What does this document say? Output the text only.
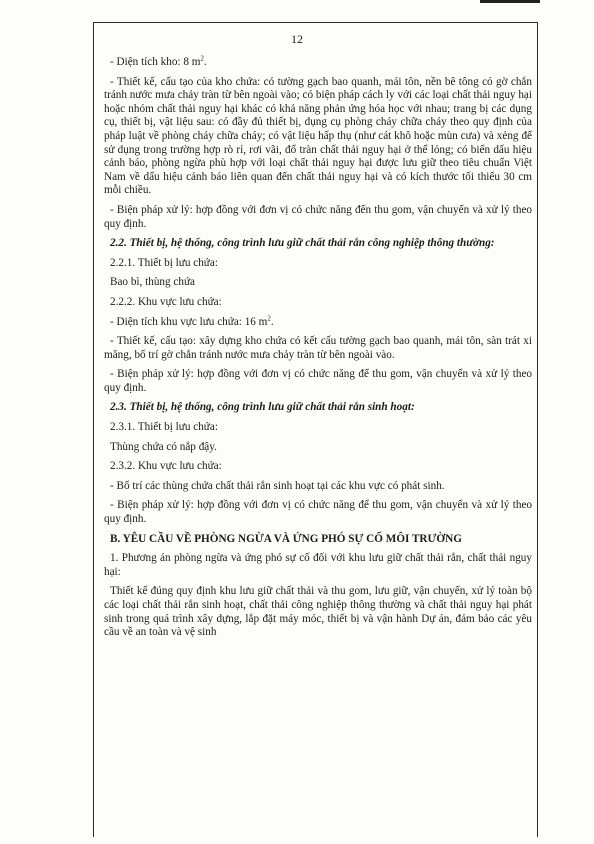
12

- Diện tích kho: 8 $m^2$.

- Thiết kế, cấu tạo của kho chứa: có tường gạch bao quanh, mái tôn, nền bê tông có gờ chắn tránh nước mưa chảy tràn từ bên ngoài vào; có biện pháp cách ly với các loại chất thải nguy hại hoặc nhóm chất thải nguy hại khác có khả năng phản ứng hóa học với nhau; trang bị các dụng cụ, thiết bị, vật liệu sau: có đầy đủ thiết bị, dụng cụ phòng cháy chữa cháy theo quy định của pháp luật về phòng cháy chữa cháy; có vật liệu hấp thụ (như cát khô hoặc mùn cưa) và xẻng để sử dụng trong trường hợp rò rỉ, rơi vãi, đổ tràn chất thải nguy hại ở thể lỏng; có biển dấu hiệu cảnh báo, phòng ngừa phù hợp với loại chất thải nguy hại được lưu giữ theo tiêu chuẩn Việt Nam về dấu hiệu cảnh báo liên quan đến chất thải nguy hại và có kích thước tối thiểu 30 cm mỗi chiều.

- Biện pháp xử lý: hợp đồng với đơn vị có chức năng đến thu gom, vận chuyển và xử lý theo quy định.

2.2. Thiết bị, hệ thống, công trình lưu giữ chất thải rắn công nghiệp thông thường:

2.2.1. Thiết bị lưu chứa:

Bao bì, thùng chứa

2.2.2. Khu vực lưu chứa:

- Diện tích khu vực lưu chứa: 16 $m^2$.

- Thiết kế, cấu tạo: xây dựng kho chứa có kết cấu tường gạch bao quanh, mái tôn, sàn trát xi măng, bố trí gờ chắn tránh nước mưa chảy tràn từ bên ngoài vào.

- Biện pháp xử lý: hợp đồng với đơn vị có chức năng để thu gom, vận chuyển và xử lý theo quy định.

2.3. Thiết bị, hệ thống, công trình lưu giữ chất thải rắn sinh hoạt:

2.3.1. Thiết bị lưu chứa:

Thùng chứa có nắp đậy.

2.3.2. Khu vực lưu chứa:

- Bố trí các thùng chứa chất thải rắn sinh hoạt tại các khu vực có phát sinh.

- Biện pháp xử lý: hợp đồng với đơn vị có chức năng để thu gom, vận chuyển và xử lý theo quy định.

B. YÊU CẦU VỀ PHÒNG NGỪA VÀ ỨNG PHÓ SỰ CỐ MÔI TRƯỜNG

1. Phương án phòng ngừa và ứng phó sự cố đối với khu lưu giữ chất thải rắn, chất thải nguy hại:

Thiết kế đúng quy định khu lưu giữ chất thải và thu gom, lưu giữ, vận chuyển, xử lý toàn bộ các loại chất thải rắn sinh hoạt, chất thải công nghiệp thông thường và chất thải nguy hại phát sinh trong quá trình xây dựng, lắp đặt máy móc, thiết bị và vận hành Dự án, đảm bảo các yêu cầu về an toàn và vệ sinh
